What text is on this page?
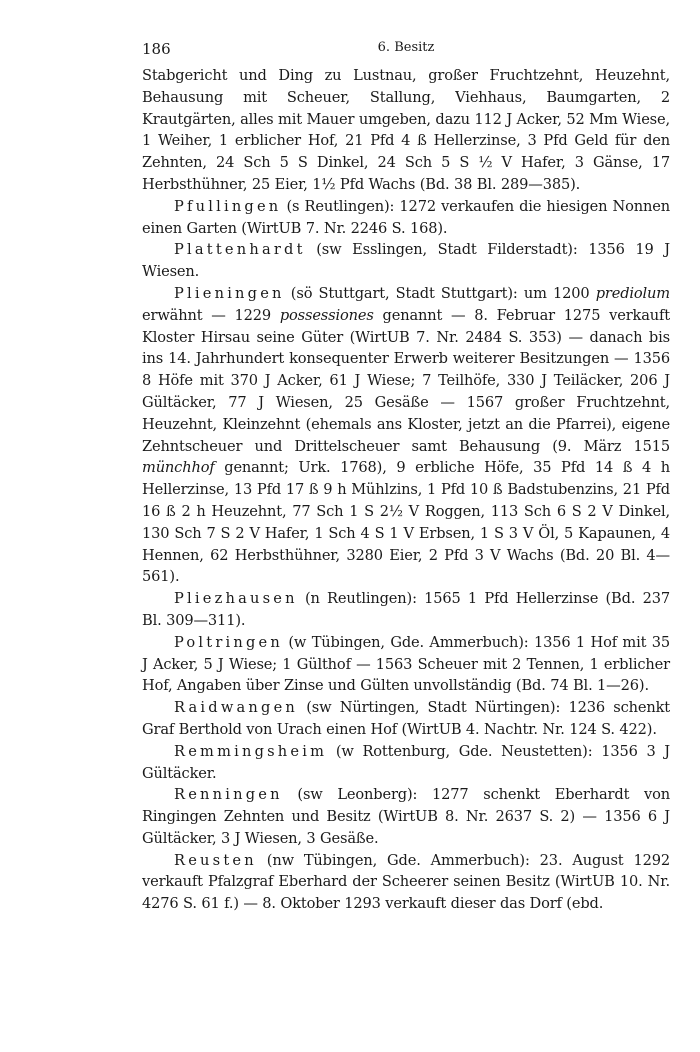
186	6. Besitz

Stabgericht und Ding zu Lustnau, großer Fruchtzehnt, Heuzehnt, Behausung mit Scheuer, Stallung, Viehhaus, Baumgarten, 2 Krautgärten, alles mit Mauer umgeben, dazu 112 J Acker, 52 Mm Wiese, 1 Weiher, 1 erblicher Hof, 21 Pfd 4 ß Hellerzinse, 3 Pfd Geld für den Zehnten, 24 Sch 5 S Dinkel, 24 Sch 5 S ½ V Hafer, 3 Gänse, 17 Herbsthühner, 25 Eier, 1½ Pfd Wachs (Bd. 38 Bl. 289—385).

Pfullingen (s Reutlingen): 1272 verkaufen die hiesigen Nonnen einen Garten (WirtUB 7. Nr. 2246 S. 168).

Plattenhardt (sw Esslingen, Stadt Filderstadt): 1356 19 J Wiesen.

Plieningen (sö Stuttgart, Stadt Stuttgart): um 1200 prediolum erwähnt — 1229 possessiones genannt — 8. Februar 1275 verkauft Kloster Hirsau seine Güter (WirtUB 7. Nr. 2484 S. 353) — danach bis ins 14. Jahrhundert konsequenter Erwerb weiterer Besitzungen — 1356 8 Höfe mit 370 J Acker, 61 J Wiese; 7 Teilhöfe, 330 J Teiläcker, 206 J Gültäcker, 77 J Wiesen, 25 Gesäße — 1567 großer Fruchtzehnt, Heuzehnt, Kleinzehnt (ehemals ans Kloster, jetzt an die Pfarrei), eigene Zehntscheuer und Drittelscheuer samt Behausung (9. März 1515 münchhof genannt; Urk. 1768), 9 erbliche Höfe, 35 Pfd 14 ß 4 h Hellerzinse, 13 Pfd 17 ß 9 h Mühlzins, 1 Pfd 10 ß Badstubenzins, 21 Pfd 16 ß 2 h Heuzehnt, 77 Sch 1 S 2½ V Roggen, 113 Sch 6 S 2 V Dinkel, 130 Sch 7 S 2 V Hafer, 1 Sch 4 S 1 V Erbsen, 1 S 3 V Öl, 5 Kapaunen, 4 Hennen, 62 Herbsthühner, 3280 Eier, 2 Pfd 3 V Wachs (Bd. 20 Bl. 4—561).

Pliezhausen (n Reutlingen): 1565 1 Pfd Hellerzinse (Bd. 237 Bl. 309—311).

Poltringen (w Tübingen, Gde. Ammerbuch): 1356 1 Hof mit 35 J Acker, 5 J Wiese; 1 Gülthof — 1563 Scheuer mit 2 Tennen, 1 erblicher Hof, Angaben über Zinse und Gülten unvollständig (Bd. 74 Bl. 1—26).

Raidwangen (sw Nürtingen, Stadt Nürtingen): 1236 schenkt Graf Berthold von Urach einen Hof (WirtUB 4. Nachtr. Nr. 124 S. 422).

Remmingsheim (w Rottenburg, Gde. Neustetten): 1356 3 J Gültäcker.

Renningen (sw Leonberg): 1277 schenkt Eberhardt von Ringingen Zehnten und Besitz (WirtUB 8. Nr. 2637 S. 2) — 1356 6 J Gültäcker, 3 J Wiesen, 3 Gesäße.

Reusten (nw Tübingen, Gde. Ammerbuch): 23. August 1292 verkauft Pfalzgraf Eberhard der Scheerer seinen Besitz (WirtUB 10. Nr. 4276 S. 61 f.) — 8. Oktober 1293 verkauft dieser das Dorf (ebd.
